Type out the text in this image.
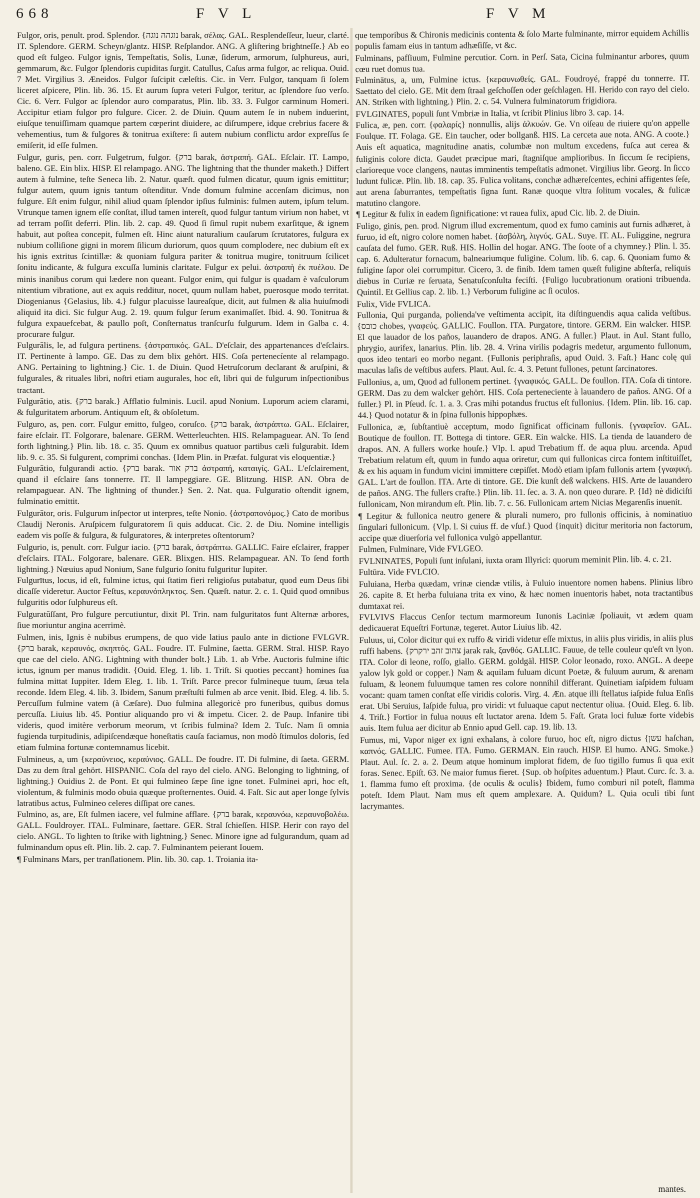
668	F V L	F V M
Fulgor, oris, penult. prod. Splendor. {נוגהה נוגה barak, σέλας. GAL. Resplendeſſeur, lueur, clarté. IT. Splendore. GERM. Scheyn/glantz. HISP. Reſplandor. ANG. A gliſtering brightneſſe.} Ab eo quod eſt fulgeo. Fulgor ignis, Tempeſtatis, Solis, Lunæ, ſiderum, armorum, ſulphureus, auri, gemmarum, &c. Fulgor ſplendoris cupiditas ſurgit. Catullus, Caſus arma fulgor, ac reliqua. Ouid. 7 Met. Virgilius 3. Æneidos. Fulgor ſuſcipit cæleſtis. Cic. in Verr. Fulgor, tanquam ſi ſolem liceret aſpicere, Plin. lib. 36. 15. Et aurum ſupra veteri Fulgor, teritur, ac ſplendore ſuo verſo. Cic. 6. Verr. Fulgor ac ſplendor auro comparatus, Plin. lib. 33. 3. Fulgor carminum Homeri. Accipitur etiam fulgor pro fulgure. Cicer. 2. de Diuin. Quum autem ſe in nubem induerint, eiuſque tenuiſſimam quamque partem cœperint diuidere, ac diſrumpere, idque crebrius facere & vehementius, tum & fulgores & tonitrua exiſtere: ſi autem nubium conflictu ardor expreſſus ſe emiſerit, id eſſe fulmen.
Fulgur, guris, pen. corr. Fulgetrum, fulgor. {ברק barak, ἀστραπή. GAL. Eſclair. IT. Lampo, baleno. GE. Ein blix. HISP. El relampago. ANG. The lightning that the thunder maketh.} Differt autem à fulmine, teſte Seneca lib. 2. Natur. quæſt. quod fulmen dicatur, quum ignis emittitur; fulgur autem, quum ignis tantum oſtenditur. Vnde domum fulmine accenſam dicimus, non fulgure. Eſt enim fulgur, nihil aliud quam ſplendor ipſius fulminis: fulmen autem, ipſum telum. Vtrunque tamen ignem eſſe conſtat, illud tamen intereſt, quod fulgur tantum virium non habet, vt ad terram poſſit deferri. Plin. lib. 2. cap. 49. Quod ſi ſimul rupit nubem exarſitque, & ignem habuit, aut poſtea concepit, fulmen eſt. Hinc aiunt naturalium cauſarum ſcrutatores, fulgura ex nubium colliſione gigni in morem ſilicum duriorum, quos quum complodere, nec dubium eſt ex his ignis extritus ſcintillæ: & quoniam fulgura pariter & tonitrua mugire, tonitruum ſcilicet ſonitu indicante, & fulgura excuſſa luminis claritate. Fulgur ex pelui. ἀστραπὴ ἐκ πυέλου. De minis inanibus corum qui lædere non queant. Fulgor enim, qui fulgur is quadam è vaſculorum nitentium vibratione, aut ex aquis redditur, nocet, quum nullam habet, puerosque modo territat. Diogenianus {Gelasius, lib. 4.} fulgur placuisse laureaſque, dicit, aut fulmen & alia huiuſmodi aliquid ita dici. Sic fulgur Aug. 2. 19. quum fulgur ſerum exanimaſſet. Ibid. 4. 90. Tonitrua & fulgura expauefcebat, & paullo poſt, Conſternatus tranſcurſu fulgurum. Idem in Galba c. 4. procurare fulgur.
Fulgurālis, le, ad fulgura pertinens. {ἀστραπικός. GAL. D'eſclair, des appartenances d'eſclairs. IT. Pertinente à lampo. GE. Das zu dem blix gehört. HIS. Coſa pertenecíente al relampago. ANG. Pertaining to lightning.} Cic. 1. de Diuin. Quod Hetruſcorum declarant & aruſpini, & fulgurales, & rituales libri, noſtri etiam augurales, hoc eſt, libri qui de fulgurum inſpectionibus tractant.
Fulgurātio, atis. {ברק barak.} Afflatio fulminis. Lucil. apud Nonium. Luporum aciem clarami, & fulguritatem arborum. Antiquum eſt, & obſoletum.
Fulguro, as, pen. corr. Fulgur emitto, fulgeo, coruſco. {ברק barak, ἀστράπτω. GAL. Eſclairer, faire eſclair. IT. Folgorare, balenare. GERM. Wetterleuchten. HIS. Relampaguear. AN. To ſend forth lightning.} Plin. lib. 18. c. 35. Quum ex omnibus quatuor partibus cæli fulgurabit. Idem lib. 9. c. 35. Si fulgurent, comprimi conchas. {Idem Plin. in Præfat. fulgurat vis eloquentiæ.}
Fulgurātio, fulgurandi actio. {ברק barak. ברק אור ἀστραπή, καταιγίς. GAL. L'eſclairement, quand il eſclaire ſans tonnerre. IT. Il lampeggiare. GE. Blitzung. HISP. AN. Obra de relampaguear. AN. The lightning of thunder.} Sen. 2. Nat. qua. Fulguratio oſtendit ignem, fulminatio emittit.
Fulgurātor, oris. Fulgurum inſpector ut interpres, teſte Nonio. {ἀστραπονόμος.} Cato de moribus Claudij Neronis. Aruſpicem fulguratorem ſi quis adducat. Cic. 2. de Diu. Nomine intelligis eadem vis poſſe & fulgura, & fulguratores, & interpretes oſtentorum?
Fulgurio, is, penult. corr. Fulgur iacio. {ברק barak, ἀστράπτω. GALLIC. Faire eſclairer, frapper d'eſclairs. ITAL. Folgorare, balenare. GER. Blixgen. HIS. Relampaguear. AN. To ſend forth lightning.} Nœuius apud Nonium, Sane fulgurio ſonitu fulguritur Iupiter.
Fulgurītus, locus, id eſt, fulmine ictus, qui ſtatim fieri religioſus putabatur, quod eum Deus ſibi dicaſſe videretur. Auctor Feſtus, κεραυνόπληκτος. Sen. Quæſt. natur. 2. c. 1. Quid quod omnibus fulguritis odor ſulphureus eſt.
Fulguratūſſant, Pro fulgure percutiuntur, dixit Pl. Trin. nam fulguritatos funt Alternæ arbores, ſiue moriuntur angina acerrimè.
Fulmen, inis, Ignis è nubibus erumpens, de quo vide latius paulo ante in dictione FVLGVR. {ברק barak, κεραυνός, σκηπτός. GAL. Foudre. IT. Fulmine, ſaetta. GERM. Stral. HISP. Rayo que cae del cielo. ANG. Lightning with thunder bolt.} Lib. 1. ab Vrbe. Auctoris fulmine iſtic ictus, ignum per manus tradidit. {Ouid. Eleg. 1. lib. 1. Triſt. Si quoties peccant} homines ſua fulmina mittat Iuppiter. Idem Eleg. 1. lib. 1. Triſt. Parce precor fulmineque tuum, ſæua tela reconde. Idem Eleg. 4. lib. 3. Ibidem, Sanum præſtuſti fulmen ab arce venit. Ibid. Eleg. 4. lib. 5. Percuſſum fulmine vatem (à Cæſare). Duo fulmina allegoricè pro funeribus, quibus domus percuſſa. Liuius lib. 45. Pontiur aliquando pro vi & impetu. Cicer. 2. de Paup. Infanire tibi videris, quod imitère verborum meorum, vt ſcribis fulmina? Idem 2. Tuſc. Nam ſi omnia fugienda turpitudinis, adipiſcendæque honeſtatis cauſa faciamus, non modò ſtimulos doloris, ſed etiam fulmina fortunæ contemnamus licebit.
Fulmineus, a, um {κεραύνειος, κεραύνιος. GALL. De foudre. IT. Di fulmine, di ſaeta. GERM. Das zu dem ſtral gehört. HISPANIC. Coſa del rayo del cielo. ANG. Belonging to lightning, of lightning.} Ouidius 2. de Pont. Et qui fulmineo ſæpe ſine igne tonet. Fulminei apri, hoc eſt, violentum, & fulminis modo obuia quæque proſternentes. Ouid. 4. Faſt. Sic aut aper longe ſylvis latratibus actus, Fulmineo celeres diſſipat ore canes.
Fulmino, as, are, Eſt fulmen iacere, vel fulmine afflare. {ברק barak, κεραυνόω, κεραυνοβολέω. GALL. Fouldroyer. ITAL. Fulminare, ſaettare. GER. Stral ſchieſſen. HISP. Herir con rayo del cielo. ANGL. To lighten to ſtrike with lightning.} Senec. Minore igne ad fulgurandum, quam ad fulminandum opus eſt. Plin. lib. 2. cap. 7. Fulminantem peierant Iouem.
¶ Fulminans Mars, per tranſlationem. Plin. lib. 30. cap. 1. Troiania ita-
que temporibus & Chironis medicinis contenta & ſolo Marte fulminante, mirror equidem Achillis populis famam eius in tantum adhæſiſſe, vt &c.
Fulminans, pafſiuum, Fulmine percutior. Corn. in Perſ. Sata, Cicina fulminantur arbores, quum cœu ruet domus tua.
Fulminātus, a, um, Fulmine ictus. {κεραυνωθείς. GAL. Foudroyé, frappé du tonnerre. IT. Saettato del cielo. GE. Mit dem ſtraal geſchoſſen oder geſchlagen. HI. Herido con rayo del cielo. AN. Striken with lightning.} Plin. 2. c. 54. Vulnera fulminatorum frigidiora.
FVLGINATES, populi ſunt Vmbriæ in Italia, vt ſcribit Plinius libro 3. cap. 14.
Fulica, æ, pen. corr. {φαλαρίς} nonnullis, alijs ἀλκυών. Ge. Vn oiſeau de riuiere qu'on appelle Foulque. IT. Folaga. GE. Ein taucher, oder bollganß. HIS. La cerceta aue nota. ANG. A coote.} Auis eſt aquatica, magnitudine anatis, columbæ non multum excedens, fuſca aut cerea & fuliginis colore dicta. Gaudet præcipue mari, ſtagniſque amplioribus. In ſiccum ſe recipiens, clarioreque voce clangens, nautas imminentis tempeſtatis admonet. Virgilius libr. Georg. In ſicco ludunt fulicæ. Plin. lib. 18. cap. 35. Fulica volitans, conchæ adhæreſcentes, echini affigentes ſeſe, aut arena ſaburrantes, tempeſtatis ſigna ſunt. Ranæ quoque vltra ſolitum vocales, & fulicæ matutino clangore.
¶ Legitur & fulix in eadem ſignificatione: vt rauea fulix, apud Cic. lib. 2. de Diuin.
Fuligo, ginis, pen. prod. Nigrum illud excrementum, quod ex fumo caminis aut furnis adhæret, à furuo, id eſt, nigro colore nomen habet. {ἀσβόλη, λιγνύς. GAL. Suye. IT. AL. Fuliggine, negrura cauſata del fumo. GER. Ruß. HIS. Hollin del hogar. ANG. The ſoote of a chymney.} Plin. l. 35. cap. 6. Adulteratur fornacum, balneariumque fuligine. Colum. lib. 6. cap. 6. Quoniam fumo & fuligine ſapor olei corrumpitur. Cicero, 3. de finib. Idem tamen quæſt fuligine abſterſa, reliquis diebus in Curiæ re ſeruata, Senatuſconſulta feciſti. {Fuligo lucubrationum orationi tribuenda. Quintil. Et Gellius cap. 2. lib. 1.} Verborum fuligine ac ſi oculos.
Fulix, Vide FVLICA.
Fullonia, Qui purganda, polienda've veſtimenta accipit, ita diſtinguendis aqua calida veſtibus. {כובס chobes, γναφεύς. GALLIC. Foullon. ITA. Purgatore, tintore. GERM. Ein walcker. HISP. El que lauador de los paños, lauandero de drapos. ANG. A fuller.} Plaut. in Aul. Stant fullo, phrygio, aurifex, lanarius. Plin. lib. 28. 4. Vrina virilis podagris medetur, argumento fullonum, quos ideo tentari eo morbo negant. {Fullonis periphraſis, apud Ouid. 3. Faſt.} Hanc colę qui maculas laſis de veſtibus aufers. Plaut. Aul. ſc. 4. 3. Petunt fullones, petunt ſarcinatores.
Fullonius, a, um, Quod ad fullonem pertinet. {γναφικός. GALL. De foullon. ITA. Coſa di tintore. GERM. Das zu dem walcker gehört. HIS. Coſa perteneciente à lauandero de paños. ANG. Of a fuller.} Pl. in Pſeud. ſc. 1. a. 3. Cras mihi potandus fructus eſt fullonius. {Idem. Plin. lib. 16. cap. 44.} Quod notatur & in ſpina fullonis hippophæs.
Fullonica, æ, ſubſtantiuè acceptum, modo ſignificat officinam fullonis. {γναφεῖον. GAL. Boutique de foullon. IT. Bottega di tintore. GER. Ein walcke. HIS. La tienda de lauandero de drapos. AN. A fullers worke houſe.} Vlp. l. apud Trebatium ff. de aqua pluu. arcenda. Apud Trebatium relatum eſt, quum in fundo aqua oriretur, cum qui fullonicas circa fontem inſtituiſſet, & ex his aquam in fundum vicini immittere cœpiſſet. Modò etiam ipſam fullonis artem {γναφική. GAL. L'art de foullon. ITA. Arte di tintore. GE. Die kunſt deß walckens. HIS. Arte de lauandero de paños. ANG. The fullers crafte.} Plin. lib. 11. ſec. a. 3. A. non queo durare. P. {Id} nè didiciſti fullonicam, Non mirandum eſt. Plin. lib. 7. c. 56. Fullonicam artem Nicias Megarenſis inuenit.
¶ Legitur & fullonica neutro genere & plurali numero, pro fullonis officinis, à nominatiuo ſingulari fullonicum. {Vlp. l. Si cuius ff. de vſuf.} Quod {inquit} dicitur meritoria non factorum, accipe quæ diuerſoria vel fullonica vulgò appellantur.
Fulmen, Fulminare, Vide FVLGEO.
FVLNINATES, Populi ſunt inſulani, iuxta oram Illyrici: quorum meminit Plin. lib. 4. c. 21.
Fultūra. Vide FVLCIO.
Fuluiana, Herba quædam, vrinæ ciendæ vtilis, à Fuluio inuentore nomen habens. Plinius libro 26. capite 8. Et herba fuluiana trita ex vino, & hæc nomen inuentoris habet, nota tractantibus dumtaxat rei.
FVLVIVS Flaccus Cenſor tectum marmoreum Iunonis Laciniæ ſpoliauit, vt ædem quam dedicauerat Equeſtri Fortunæ, tegeret. Autor Liuius lib. 42.
Fuluus, ui, Color dicitur qui ex ruffo & viridi videtur eſſe mixtus, in aliis plus viridis, in aliis plus ruffi habens. {צהוב זהב ירקרק jarak rak, ξανθός. GALLIC. Fauue, de telle couleur qu'eſt vn lyon. ITA. Color di leone, roſſo, giallo. GERM. goldgäl. HISP. Color leonado, roxo. ANGL. A deepe yalow lyk gold or copper.} Nam & aquilam fuluam dicunt Poetæ, & fuluum aurum, & arenam fuluam, & leonem fuluumque tamen res colore nonnihil differant. Quinetiam iaſpidem fuluam vocant: quam tamen conſtat eſſe viridis coloris. Virg. 4. Æn. atque illi ſtellatus iaſpide fulua Enſis erat. Ubi Seruius, Iaſpide fulua, pro viridi: vt fuluaque caput nectentur oliua. {Ouid. Eleg. 6. lib. 4. Triſt.} Fortior in fulua nouus eſt luctator arena. Idem 5. Faſt. Grata loci fuluæ forte videbis auis. Item fulua aer dicitur ab Ennio apud Gell. cap. 19. lib. 13.
Fumus, mi, Vapor niger ex igni exhalans, à colore furuo, hoc eſt, nigro dictus {עשן haſchan, καπνός. GALLIC. Fumee. ITA. Fumo. GERMAN. Ein rauch. HISP. El humo. ANG. Smoke.} Plaut. Aul. ſc. 2. a. 2. Deum atque hominum implorat fidem, de ſuo tigillo fumus ſi qua exit foras. Senec. Epiſt. 63. Ne maior fumus fieret. {Sup. ob hoſpites aduentum.} Plaut. Curc. ſc. 3. a. 1. flamma fumo eſt proxima. {de oculis & oculis} Ibidem, fumo comburi nil poteſt, flamma poteſt. Idem Plaut. Nam mus eſt quem amplexare. A. Quidum? L. Quia oculi tibi ſunt lacrymantes.
mantes.
